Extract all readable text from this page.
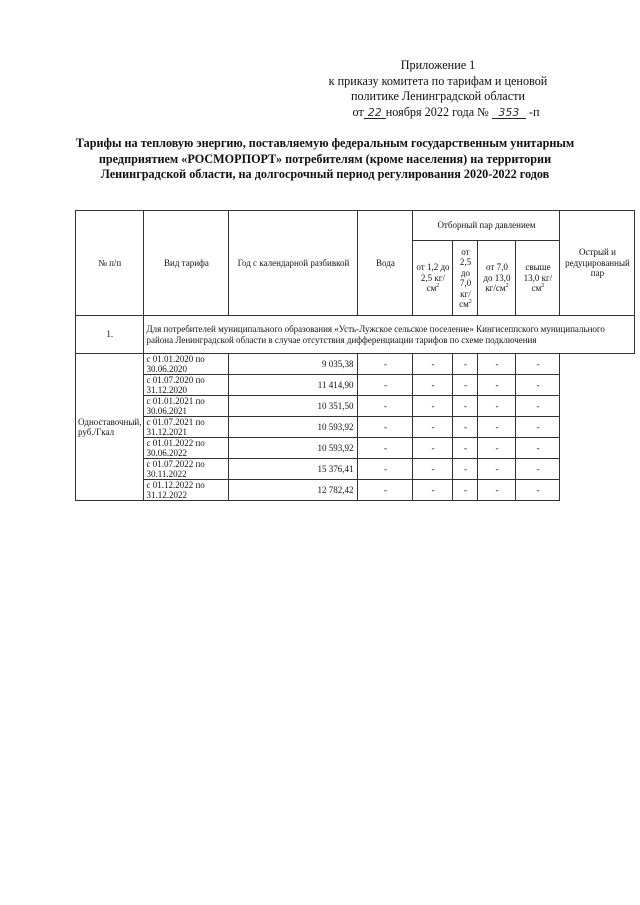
Приложение 1
к приказу комитета по тарифам и ценовой
политике Ленинградской области
от 22 ноября 2022 года № 353 -п
Тарифы на тепловую энергию, поставляемую федеральным государственным унитарным предприятием «РОСМОРПОРТ» потребителям (кроме населения) на территории Ленинградской области, на долгосрочный период регулирования 2020-2022 годов
№ п/п	Вид тарифа	Год с календарной разбивкой	Вода	Отборный пар давлением				Острый и редуцированный пар
				от 1,2 до 2,5 $кг/см^2$	от 2,5 до 7,0 $кг/см^2$	от 7,0 до 13,0 $кг/см^2$	свыше 13,0 $кг/см^2$
1.	Для потребителей муниципального образования «Усть-Лужское сельское поселение» Кингисеппского муниципального района Ленинградской области в случае отсутствия дифференциации тарифов по схеме подключения							
Одноставочный, руб./Гкал	с 01.01.2020 по 30.06.2020	9 035,38	-	-	-	-	-	
	с 01.07.2020 по 31.12.2020	11 414,90	-	-	-	-	-	
	с 01.01.2021 по 30.06.2021	10 351,50	-	-	-	-	-	
	с 01.07.2021 по 31.12.2021	10 593,92	-	-	-	-	-	
	с 01.01.2022 по 30.06.2022	10 593,92	-	-	-	-	-	
	с 01.07.2022 по 30.11.2022	15 376,41	-	-	-	-	-	
	с 01.12.2022 по 31.12.2022	12 782,42	-	-	-	-	-	
